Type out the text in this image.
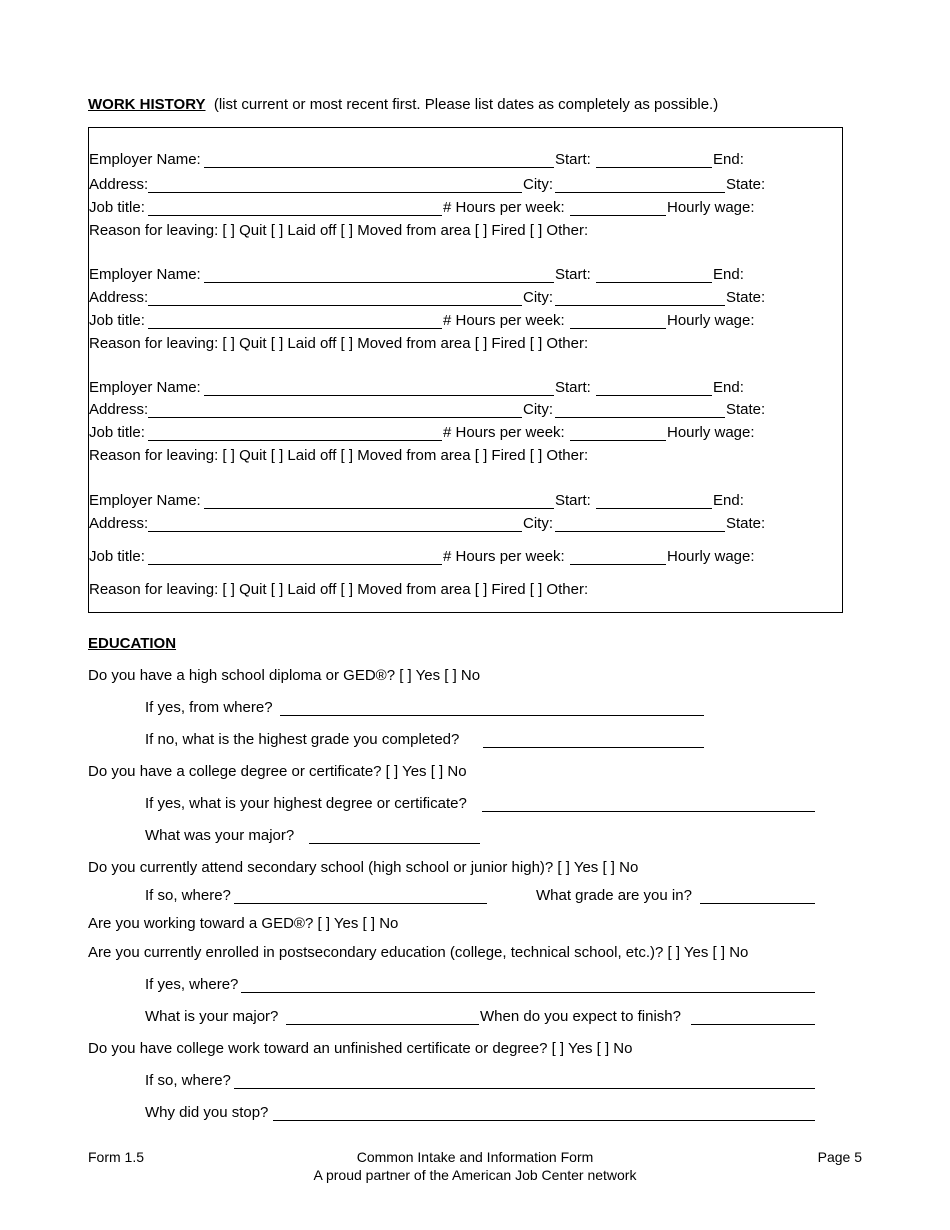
WORK HISTORY (list current or most recent first. Please list dates as completely as possible.)
Employer Name:	Start:	End:
Address:	City:	State:
Job title:	# Hours per week:	Hourly wage:
Reason for leaving: [ ] Quit [ ] Laid off [ ] Moved from area [ ] Fired [ ] Other:
Employer Name:	Start:	End:
Address:	City:	State:
Job title:	# Hours per week:	Hourly wage:
Reason for leaving: [ ] Quit [ ] Laid off [ ] Moved from area [ ] Fired [ ] Other:
Employer Name:	Start:	End:
Address:	City:	State:
Job title:	# Hours per week:	Hourly wage:
Reason for leaving: [ ] Quit [ ] Laid off [ ] Moved from area [ ] Fired [ ] Other:
Employer Name:	Start:	End:
Address:	City:	State:
Job title:	# Hours per week:	Hourly wage:
Reason for leaving: [ ] Quit [ ] Laid off [ ] Moved from area [ ] Fired [ ] Other:
EDUCATION
Do you have a high school diploma or GED®? [ ] Yes [ ] No
If yes, from where?
If no, what is the highest grade you completed?
Do you have a college degree or certificate? [ ] Yes [ ] No
If yes, what is your highest degree or certificate?
What was your major?
Do you currently attend secondary school (high school or junior high)? [ ] Yes [ ] No
If so, where?	What grade are you in?
Are you working toward a GED®? [ ] Yes [ ] No
Are you currently enrolled in postsecondary education (college, technical school, etc.)? [ ] Yes [ ] No
If yes, where?
What is your major?	When do you expect to finish?
Do you have college work toward an unfinished certificate or degree? [ ] Yes [ ] No
If so, where?
Why did you stop?
Form 1.5	Common Intake and Information Form
A proud partner of the American Job Center network
Page 5
